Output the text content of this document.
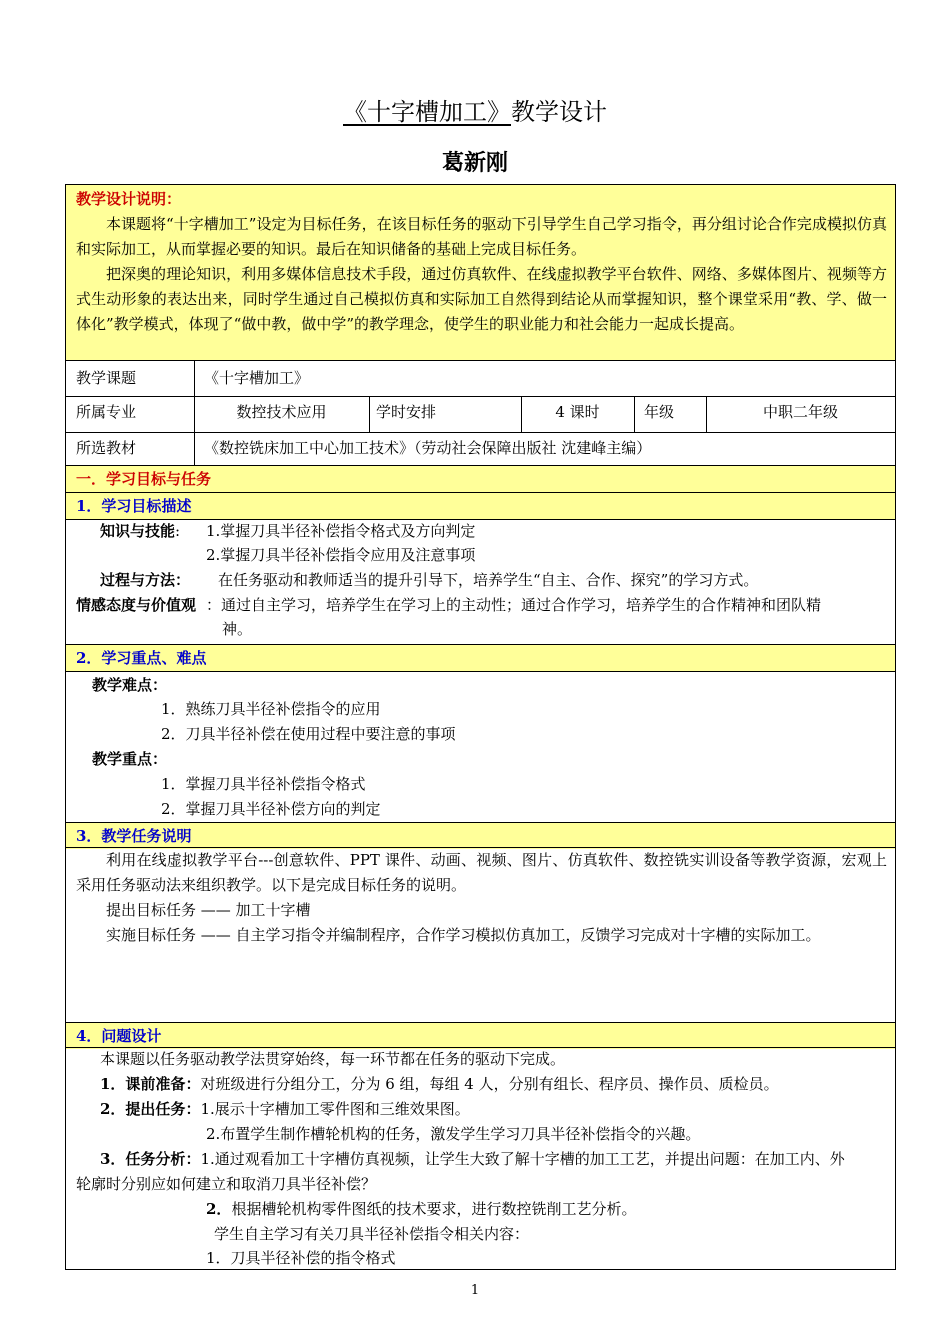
《十字槽加工》教学设计
葛新刚

教学设计说明：

本课题将“十字槽加工”设定为目标任务，在该目标任务的驱动下引导学生自己学习指令，再分组讨论合作完成模拟仿真和实际加工，从而掌握必要的知识。最后在知识储备的基础上完成目标任务。

把深奥的理论知识，利用多媒体信息技术手段，通过仿真软件、在线虚拟教学平台软件、网络、多媒体图片、视频等方式生动形象的表达出来，同时学生通过自己模拟仿真和实际加工自然得到结论从而掌握知识，整个课堂采用“教、学、做一体化”教学模式，体现了“做中教，做中学”的教学理念，使学生的职业能力和社会能力一起成长提高。

教学课题	《十字槽加工》
所属专业	数控技术应用	学时安排	4 课时	年级	中职二年级
所选教材	《数控铣床加工中心加工技术》（劳动社会保障出版社 沈建峰主编）
一．学习目标与任务
1．学习目标描述
知识与技能: 1.掌握刀具半径补偿指令格式及方向判定
2.掌握刀具半径补偿指令应用及注意事项
过程与方法： 在任务驱动和教师适当的提升引导下，培养学生“自主、合作、探究”的学习方式。
情感态度与价值观 ：通过自主学习，培养学生在学习上的主动性；通过合作学习，培养学生的合作精神和团队精
神。
2．学习重点、难点
教学难点：
1．熟练刀具半径补偿指令的应用
2．刀具半径补偿在使用过程中要注意的事项
教学重点：
1．掌握刀具半径补偿指令格式
2．掌握刀具半径补偿方向的判定
3．教学任务说明

利用在线虚拟教学平台---创意软件、PPT 课件、动画、视频、图片、仿真软件、数控铣实训设备等教学资源，宏观上采用任务驱动法来组织教学。以下是完成目标任务的说明。

提出目标任务 —— 加工十字槽

实施目标任务 —— 自主学习指令并编制程序，合作学习模拟仿真加工，反馈学习完成对十字槽的实际加工。

4．问题设计
本课题以任务驱动教学法贯穿始终，每一环节都在任务的驱动下完成。
1．课前准备：对班级进行分组分工，分为 6 组，每组 4 人，分别有组长、程序员、操作员、质检员。
2．提出任务：1.展示十字槽加工零件图和三维效果图。
2.布置学生制作槽轮机构的任务，激发学生学习刀具半径补偿指令的兴趣。
3．任务分析：1.通过观看加工十字槽仿真视频，让学生大致了解十字槽的加工工艺，并提出问题：在加工内、外
轮廓时分别应如何建立和取消刀具半径补偿？
2．根据槽轮机构零件图纸的技术要求，进行数控铣削工艺分析。
学生自主学习有关刀具半径补偿指令相关内容：
1．刀具半径补偿的指令格式
1
